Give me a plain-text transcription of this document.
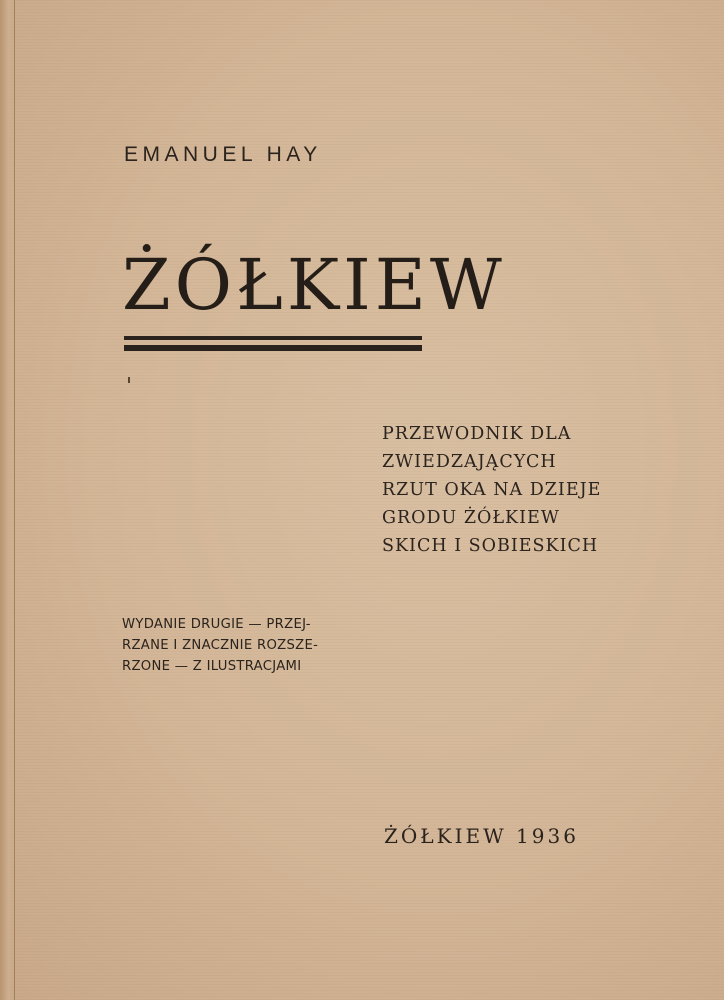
EMANUEL HAY
ŻÓŁKIEW
PRZEWODNIK DLA
ZWIEDZAJĄCYCH
RZUT OKA NA DZIEJE
GRODU ŻÓŁKIEW
SKICH I SOBIESKICH
WYDANIE DRUGIE — PRZEJ-
RZANE I ZNACZNIE ROZSZE-
RZONE — Z ILUSTRACJAMI
ŻÓŁKIEW 1936
